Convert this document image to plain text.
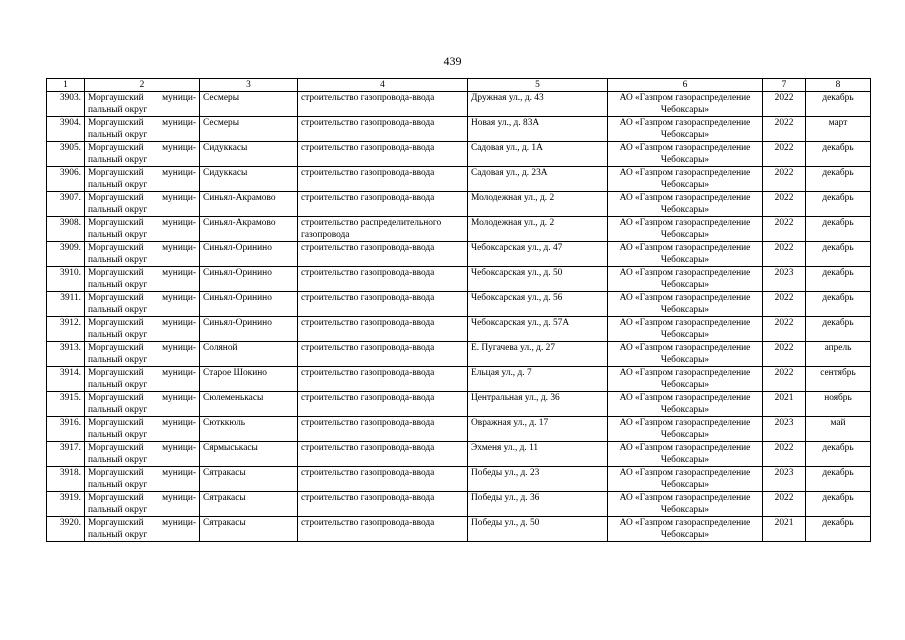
439
1	2	3	4	5	6	7	8
3903.	Моргаушский муници-пальный округ	Сесмеры	строительство газопровода-ввода	Дружная ул., д. 43	АО «Газпром газораспределение Чебоксары»	2022	декабрь
3904.	Моргаушский муници-пальный округ	Сесмеры	строительство газопровода-ввода	Новая ул., д. 83А	АО «Газпром газораспределение Чебоксары»	2022	март
3905.	Моргаушский муници-пальный округ	Сидуккасы	строительство газопровода-ввода	Садовая ул., д. 1А	АО «Газпром газораспределение Чебоксары»	2022	декабрь
3906.	Моргаушский муници-пальный округ	Сидуккасы	строительство газопровода-ввода	Садовая ул., д. 23А	АО «Газпром газораспределение Чебоксары»	2022	декабрь
3907.	Моргаушский муници-пальный округ	Синьял-Акрамово	строительство газопровода-ввода	Молодежная ул., д. 2	АО «Газпром газораспределение Чебоксары»	2022	декабрь
3908.	Моргаушский муници-пальный округ	Синьял-Акрамово	строительство распределительного газопровода	Молодежная ул., д. 2	АО «Газпром газораспределение Чебоксары»	2022	декабрь
3909.	Моргаушский муници-пальный округ	Синьял-Оринино	строительство газопровода-ввода	Чебоксарская ул., д. 47	АО «Газпром газораспределение Чебоксары»	2022	декабрь
3910.	Моргаушский муници-пальный округ	Синьял-Оринино	строительство газопровода-ввода	Чебоксарская ул., д. 50	АО «Газпром газораспределение Чебоксары»	2023	декабрь
3911.	Моргаушский муници-пальный округ	Синьял-Оринино	строительство газопровода-ввода	Чебоксарская ул., д. 56	АО «Газпром газораспределение Чебоксары»	2022	декабрь
3912.	Моргаушский муници-пальный округ	Синьял-Оринино	строительство газопровода-ввода	Чебоксарская ул., д. 57А	АО «Газпром газораспределение Чебоксары»	2022	декабрь
3913.	Моргаушский муници-пальный округ	Соляной	строительство газопровода-ввода	Е. Пугачева ул., д. 27	АО «Газпром газораспределение Чебоксары»	2022	апрель
3914.	Моргаушский муници-пальный округ	Старое Шокино	строительство газопровода-ввода	Ельцая ул., д. 7	АО «Газпром газораспределение Чебоксары»	2022	сентябрь
3915.	Моргаушский муници-пальный округ	Сюлеменькасы	строительство газопровода-ввода	Центральная ул., д. 36	АО «Газпром газораспределение Чебоксары»	2021	ноябрь
3916.	Моргаушский муници-пальный округ	Сютккюль	строительство газопровода-ввода	Овражная ул., д. 17	АО «Газпром газораспределение Чебоксары»	2023	май
3917.	Моргаушский муници-пальный округ	Сярмыськасы	строительство газопровода-ввода	Эхменя ул., д. 11	АО «Газпром газораспределение Чебоксары»	2022	декабрь
3918.	Моргаушский муници-пальный округ	Сятракасы	строительство газопровода-ввода	Победы ул., д. 23	АО «Газпром газораспределение Чебоксары»	2023	декабрь
3919.	Моргаушский муници-пальный округ	Сятракасы	строительство газопровода-ввода	Победы ул., д. 36	АО «Газпром газораспределение Чебоксары»	2022	декабрь
3920.	Моргаушский муници-пальный округ	Сятракасы	строительство газопровода-ввода	Победы ул., д. 50	АО «Газпром газораспределение Чебоксары»	2021	декабрь
